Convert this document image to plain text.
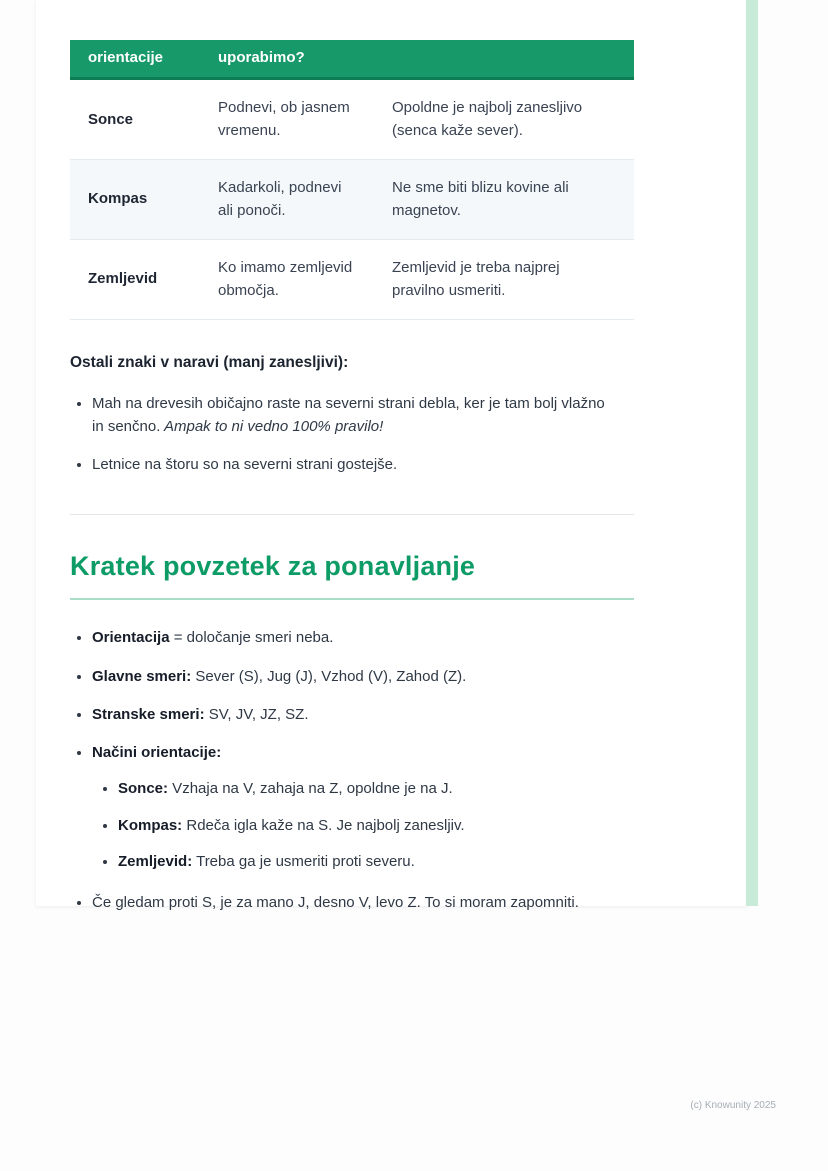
orientacije	uporabimo?	
Sonce	Podnevi, ob jasnem vremenu.	Opoldne je najbolj zanesljivo (senca kaže sever).
Kompas	Kadarkoli, podnevi ali ponoči.	Ne sme biti blizu kovine ali magnetov.
Zemljevid	Ko imamo zemljevid območja.	Zemljevid je treba najprej pravilno usmeriti.

Ostali znaki v naravi (manj zanesljivi):

• Mah na drevesih običajno raste na severni strani debla, ker je tam bolj vlažno in senčno. Ampak to ni vedno 100% pravilo!
• Letnice na štoru so na severni strani gostejše.
Kratek povzetek za ponavljanje
• Orientacija = določanje smeri neba.
• Glavne smeri: Sever (S), Jug (J), Vzhod (V), Zahod (Z).
• Stranske smeri: SV, JV, JZ, SZ.
• Načini orientacije:
• Sonce: Vzhaja na V, zahaja na Z, opoldne je na J.
• Kompas: Rdeča igla kaže na S. Je najbolj zanesljiv.
• Zemljevid: Treba ga je usmeriti proti severu.
• Če gledam proti S, je za mano J, desno V, levo Z. To si moram zapomniti.
(c) Knowunity 2025
